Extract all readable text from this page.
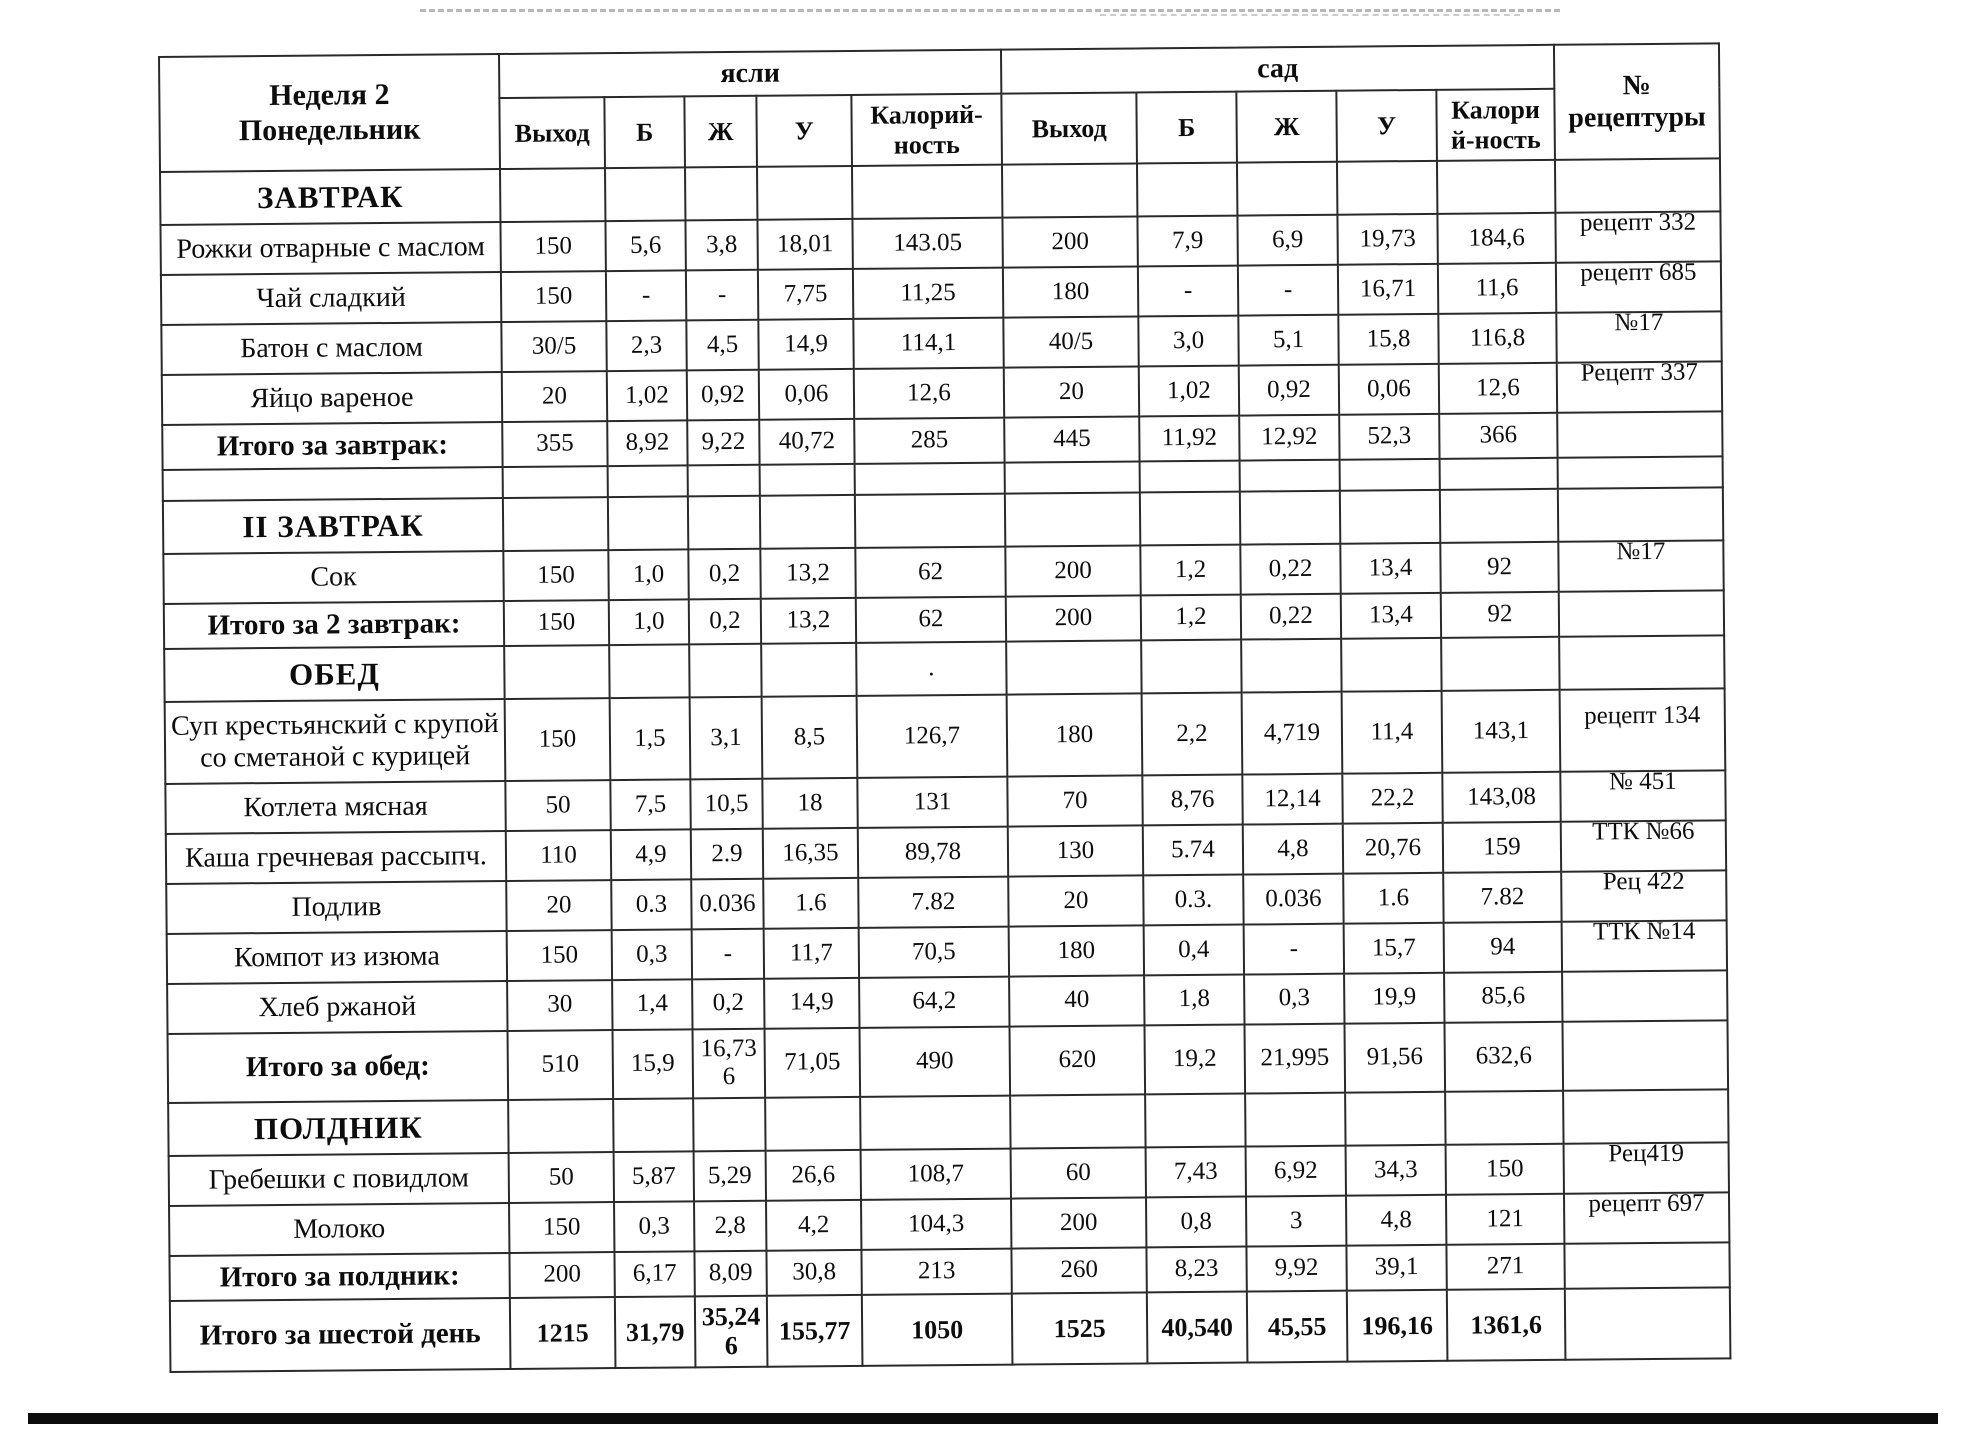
Неделя 2
Понедельник	ясли					сад					№ рецептуры
	Выход	Б	Ж	У	Калорий-ность	Выход	Б	Ж	У	Калори й-ность	
ЗАВТРАК											
Рожки отварные с маслом	150	5,6	3,8	18,01	143.05	200	7,9	6,9	19,73	184,6	рецепт 332
Чай сладкий	150	-	-	7,75	11,25	180	-	-	16,71	11,6	рецепт 685
Батон с маслом	30/5	2,3	4,5	14,9	114,1	40/5	3,0	5,1	15,8	116,8	№17
Яйцо вареное	20	1,02	0,92	0,06	12,6	20	1,02	0,92	0,06	12,6	Рецепт 337
Итого за завтрак:	355	8,92	9,22	40,72	285	445	11,92	12,92	52,3	366	

II ЗАВТРАК											
Сок	150	1,0	0,2	13,2	62	200	1,2	0,22	13,4	92	№17
Итого за 2 завтрак:	150	1,0	0,2	13,2	62	200	1,2	0,22	13,4	92	
ОБЕД					.						
Суп крестьянский с крупой со сметаной с курицей	150	1,5	3,1	8,5	126,7	180	2,2	4,719	11,4	143,1	рецепт 134
Котлета мясная	50	7,5	10,5	18	131	70	8,76	12,14	22,2	143,08	№ 451
Каша гречневая рассыпч.	110	4,9	2.9	16,35	89,78	130	5.74	4,8	20,76	159	ТТК №66
Подлив	20	0.3	0.036	1.6	7.82	20	0.3.	0.036	1.6	7.82	Рец 422
Компот из изюма	150	0,3	-	11,7	70,5	180	0,4	-	15,7	94	ТТК №14
Хлеб ржаной	30	1,4	0,2	14,9	64,2	40	1,8	0,3	19,9	85,6	
Итого за обед:	510	15,9	16,736	71,05	490	620	19,2	21,995	91,56	632,6	
ПОЛДНИК											
Гребешки с повидлом	50	5,87	5,29	26,6	108,7	60	7,43	6,92	34,3	150	Рец419
Молоко	150	0,3	2,8	4,2	104,3	200	0,8	3	4,8	121	рецепт 697
Итого за полдник:	200	6,17	8,09	30,8	213	260	8,23	9,92	39,1	271	
Итого за шестой день	1215	31,79	35,246	155,77	1050	1525	40,540	45,55	196,16	1361,6	
